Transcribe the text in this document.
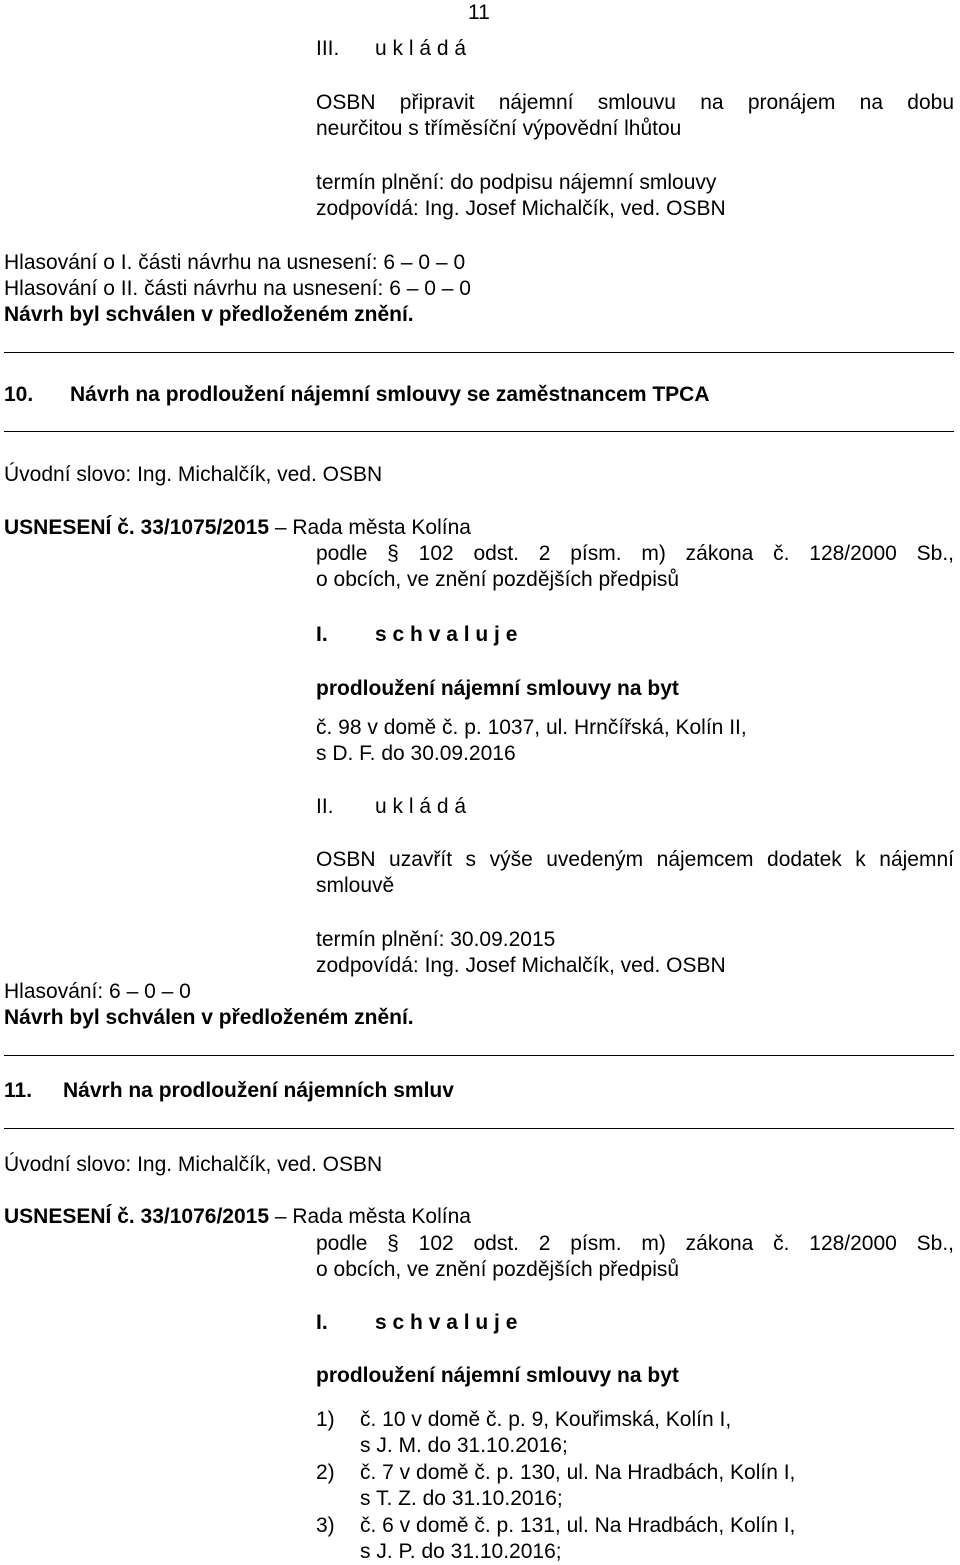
11
III. u k l á d á
OSBN připravit nájemní smlouvu na pronájem na dobu
neurčitou s tříměsíční výpovědní lhůtou
termín plnění: do podpisu nájemní smlouvy
zodpovídá: Ing. Josef Michalčík, ved. OSBN
Hlasování o I. části návrhu na usnesení: 6 – 0 – 0
Hlasování o II. části návrhu na usnesení: 6 – 0 – 0
Návrh byl schválen v předloženém znění.
10. Návrh na prodloužení nájemní smlouvy se zaměstnancem TPCA
Úvodní slovo: Ing. Michalčík, ved. OSBN
USNESENÍ č. 33/1075/2015 – Rada města Kolína
podle § 102 odst. 2 písm. m) zákona č. 128/2000 Sb.,
o obcích, ve znění pozdějších předpisů
I. s c h v a l u j e
prodloužení nájemní smlouvy na byt
č. 98 v domě č. p. 1037, ul. Hrnčířská, Kolín II,
s D. F. do 30.09.2016
II. u k l á d á
OSBN uzavřít s výše uvedeným nájemcem dodatek k nájemní
smlouvě
termín plnění: 30.09.2015
zodpovídá: Ing. Josef Michalčík, ved. OSBN
Hlasování: 6 – 0 – 0
Návrh byl schválen v předloženém znění.
11. Návrh na prodloužení nájemních smluv
Úvodní slovo: Ing. Michalčík, ved. OSBN
USNESENÍ č. 33/1076/2015 – Rada města Kolína
podle § 102 odst. 2 písm. m) zákona č. 128/2000 Sb.,
o obcích, ve znění pozdějších předpisů
I. s c h v a l u j e
prodloužení nájemní smlouvy na byt
1) č. 10 v domě č. p. 9, Kouřimská, Kolín I,
s J. M. do 31.10.2016;
2) č. 7 v domě č. p. 130, ul. Na Hradbách, Kolín I,
s T. Z. do 31.10.2016;
3) č. 6 v domě č. p. 131, ul. Na Hradbách, Kolín I,
s J. P. do 31.10.2016;
